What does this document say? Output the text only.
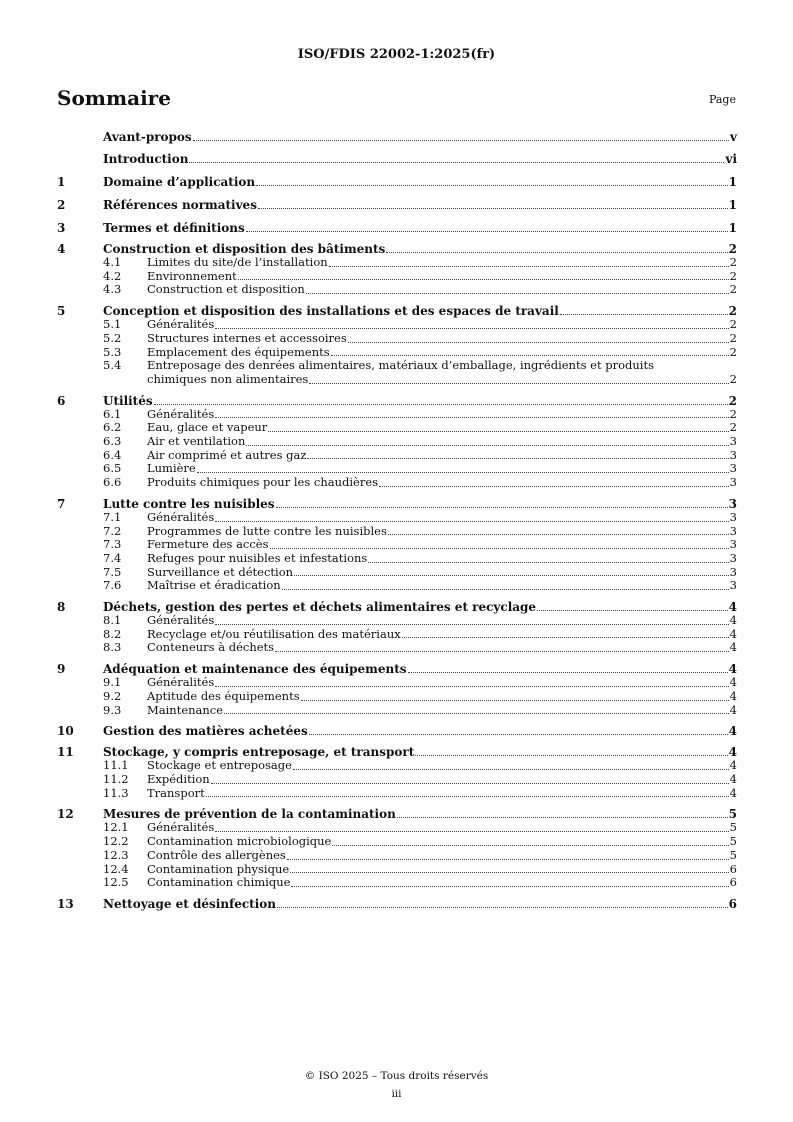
ISO/FDIS 22002-1:2025(fr)
Sommaire	Page
Avant-propos	v
Introduction	vi
1	Domaine d’application	1
2	Références normatives	1
3	Termes et définitions	1
4	Construction et disposition des bâtiments	2
4.1	Limites du site/de l’installation	2
4.2	Environnement	2
4.3	Construction et disposition	2
5	Conception et disposition des installations et des espaces de travail	2
5.1	Généralités	2
5.2	Structures internes et accessoires	2
5.3	Emplacement des équipements	2
5.4	Entreposage des denrées alimentaires, matériaux d’emballage, ingrédients et produits
chimiques non alimentaires	2
6	Utilités	2
6.1	Généralités	2
6.2	Eau, glace et vapeur	2
6.3	Air et ventilation	3
6.4	Air comprimé et autres gaz	3
6.5	Lumière	3
6.6	Produits chimiques pour les chaudières	3
7	Lutte contre les nuisibles	3
7.1	Généralités	3
7.2	Programmes de lutte contre les nuisibles	3
7.3	Fermeture des accès	3
7.4	Refuges pour nuisibles et infestations	3
7.5	Surveillance et détection	3
7.6	Maîtrise et éradication	3
8	Déchets, gestion des pertes et déchets alimentaires et recyclage	4
8.1	Généralités	4
8.2	Recyclage et/ou réutilisation des matériaux	4
8.3	Conteneurs à déchets	4
9	Adéquation et maintenance des équipements	4
9.1	Généralités	4
9.2	Aptitude des équipements	4
9.3	Maintenance	4
10	Gestion des matières achetées	4
11	Stockage, y compris entreposage, et transport	4
11.1	Stockage et entreposage	4
11.2	Expédition	4
11.3	Transport	4
12	Mesures de prévention de la contamination	5
12.1	Généralités	5
12.2	Contamination microbiologique	5
12.3	Contrôle des allergènes	5
12.4	Contamination physique	6
12.5	Contamination chimique	6
13	Nettoyage et désinfection	6
© ISO 2025 – Tous droits réservés
iii
